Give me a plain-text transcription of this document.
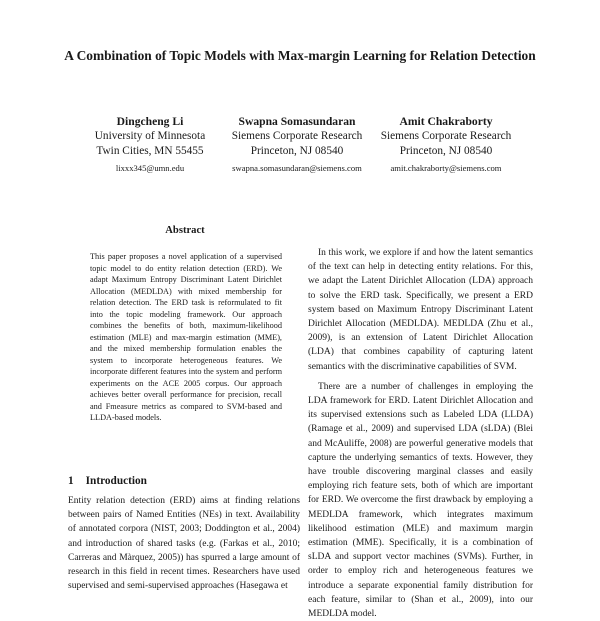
A Combination of Topic Models with Max-margin Learning for Relation Detection
Dingcheng Li
University of Minnesota
Twin Cities, MN 55455
lixxx345@umn.edu
Swapna Somasundaran
Siemens Corporate Research
Princeton, NJ 08540
swapna.somasundaran@siemens.com
Amit Chakraborty
Siemens Corporate Research
Princeton, NJ 08540
amit.chakraborty@siemens.com
Abstract

This paper proposes a novel application of a supervised topic model to do entity relation detection (ERD). We adapt Maximum Entropy Discriminant Latent Dirichlet Allocation (MEDLDA) with mixed membership for relation detection. The ERD task is reformulated to fit into the topic modeling framework. Our approach combines the benefits of both, maximum-likelihood estimation (MLE) and max-margin estimation (MME), and the mixed membership formulation enables the system to incorporate heterogeneous features. We incorporate different features into the system and perform experiments on the ACE 2005 corpus. Our approach achieves better overall performance for precision, recall and Fmeasure metrics as compared to SVM-based and LLDA-based models.

1 Introduction

Entity relation detection (ERD) aims at finding relations between pairs of Named Entities (NEs) in text. Availability of annotated corpora (NIST, 2003; Doddington et al., 2004) and introduction of shared tasks (e.g. (Farkas et al., 2010; Carreras and Màrquez, 2005)) has spurred a large amount of research in this field in recent times. Researchers have used supervised and semi-supervised approaches (Hasegawa et

In this work, we explore if and how the latent semantics of the text can help in detecting entity relations. For this, we adapt the Latent Dirichlet Allocation (LDA) approach to solve the ERD task. Specifically, we present a ERD system based on Maximum Entropy Discriminant Latent Dirichlet Allocation (MEDLDA). MEDLDA (Zhu et al., 2009), is an extension of Latent Dirichlet Allocation (LDA) that combines capability of capturing latent semantics with the discriminative capabilities of SVM.

There are a number of challenges in employing the LDA framework for ERD. Latent Dirichlet Allocation and its supervised extensions such as Labeled LDA (LLDA) (Ramage et al., 2009) and supervised LDA (sLDA) (Blei and McAuliffe, 2008) are powerful generative models that capture the underlying semantics of texts. However, they have trouble discovering marginal classes and easily employing rich feature sets, both of which are important for ERD. We overcome the first drawback by employing a MEDLDA framework, which integrates maximum likelihood estimation (MLE) and maximum margin estimation (MME). Specifically, it is a combination of sLDA and support vector machines (SVMs). Further, in order to employ rich and heterogeneous features we introduce a separate exponential family distribution for each feature, similar to (Shan et al., 2009), into our MEDLDA model.
